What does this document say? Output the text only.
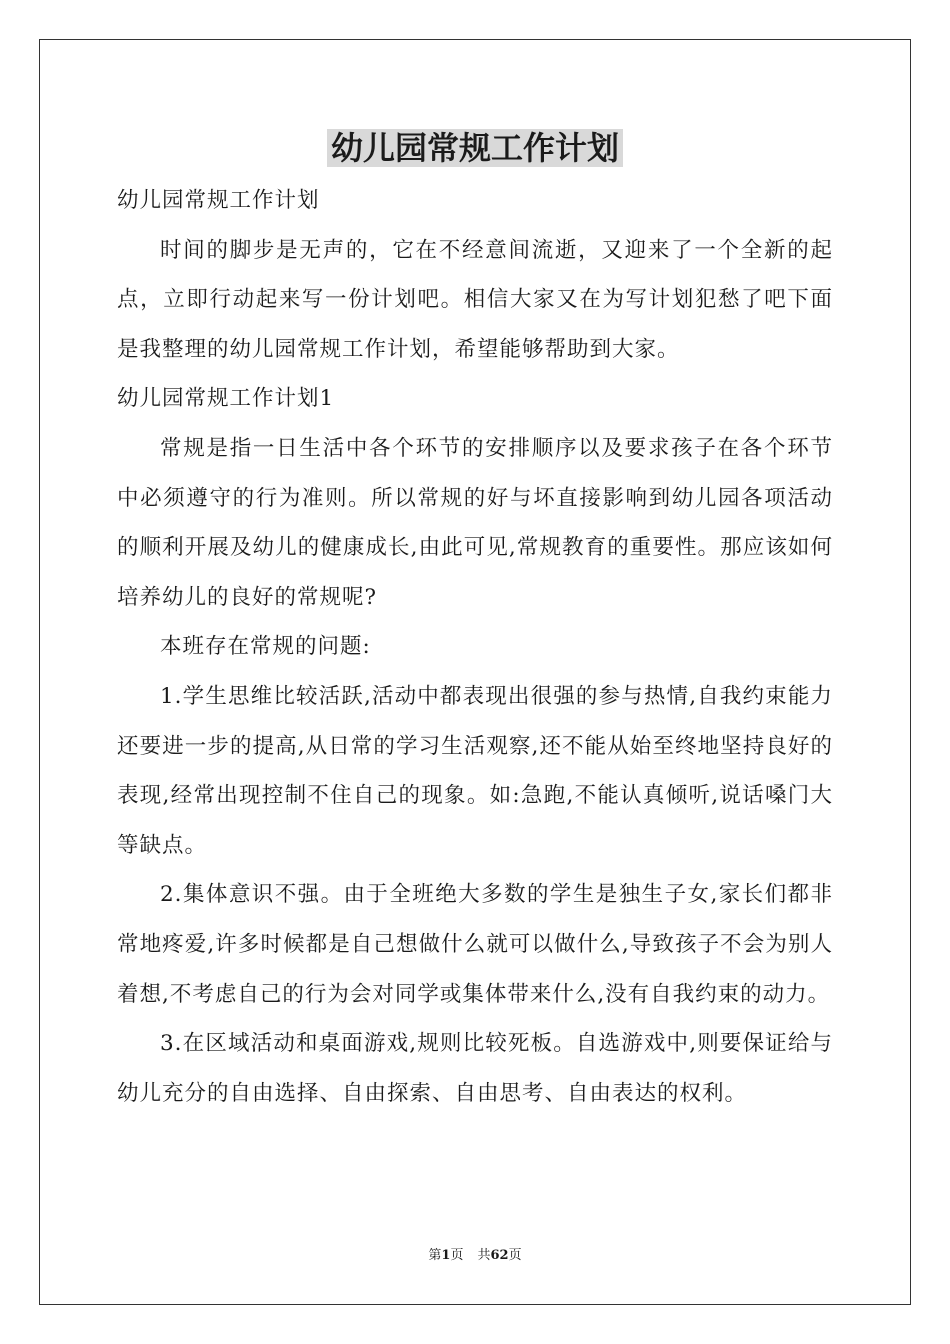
幼儿园常规工作计划

幼儿园常规工作计划

时间的脚步是无声的，它在不经意间流逝，又迎来了一个全新的起点，立即行动起来写一份计划吧。相信大家又在为写计划犯愁了吧下面是我整理的幼儿园常规工作计划，希望能够帮助到大家。

幼儿园常规工作计划1

常规是指一日生活中各个环节的安排顺序以及要求孩子在各个环节中必须遵守的行为准则。所以常规的好与坏直接影响到幼儿园各项活动的顺利开展及幼儿的健康成长,由此可见,常规教育的重要性。那应该如何培养幼儿的良好的常规呢?

本班存在常规的问题:

1.学生思维比较活跃,活动中都表现出很强的参与热情,自我约束能力还要进一步的提高,从日常的学习生活观察,还不能从始至终地坚持良好的表现,经常出现控制不住自己的现象。如:急跑,不能认真倾听,说话嗓门大等缺点。

2.集体意识不强。由于全班绝大多数的学生是独生子女,家长们都非常地疼爱,许多时候都是自己想做什么就可以做什么,导致孩子不会为别人着想,不考虑自己的行为会对同学或集体带来什么,没有自我约束的动力。

3.在区域活动和桌面游戏,规则比较死板。自选游戏中,则要保证给与幼儿充分的自由选择、自由探索、自由思考、自由表达的权利。

第1页 共62页
